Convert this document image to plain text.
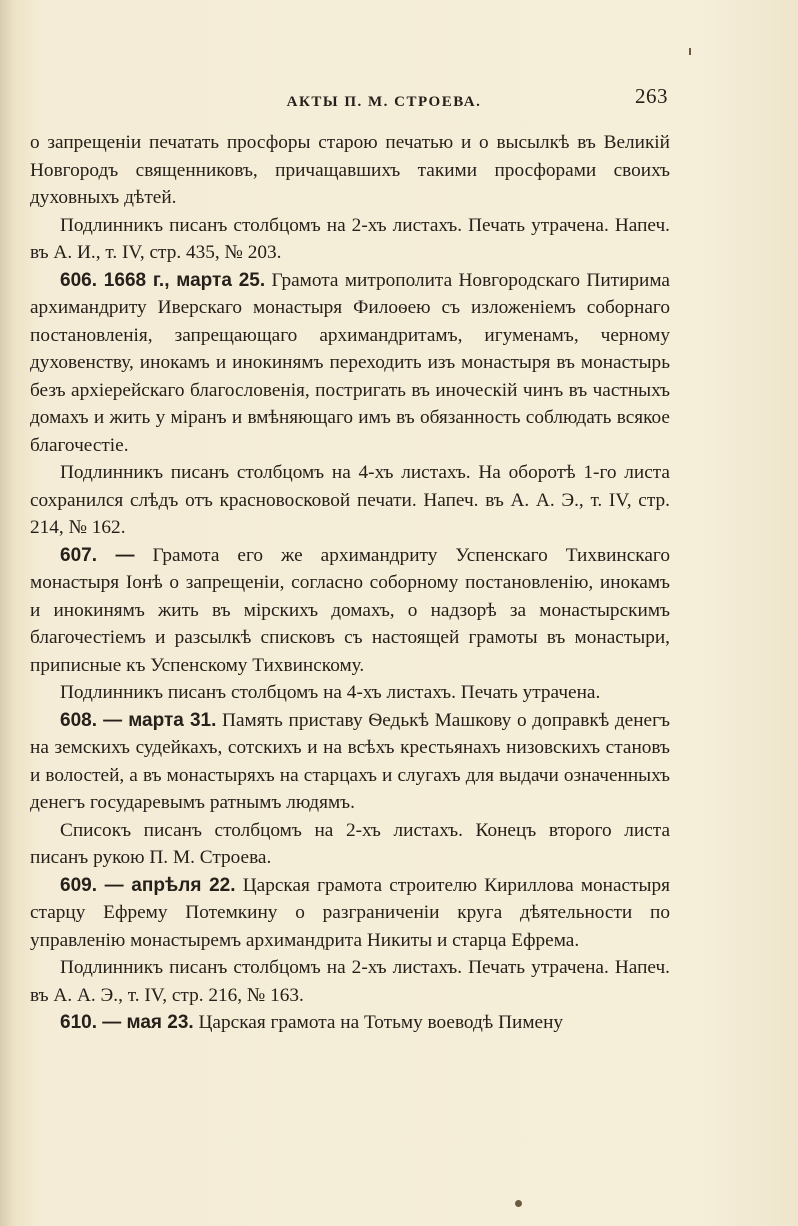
АКТЫ П. М. СТРОЕВА.	263

о запрещеніи печатать просфоры старою печатью и о высылкѣ въ Великій Новгородъ священниковъ, причащавшихъ такими просфорами своихъ духовныхъ дѣтей.

Подлинникъ писанъ столбцомъ на 2-хъ листахъ. Печать утрачена. Напеч. въ А. И., т. IV, стр. 435, № 203.

606. 1668 г., марта 25. Грамота митрополита Новгородскаго Питирима архимандриту Иверскаго монастыря Филоѳею съ изложеніемъ соборнаго постановленія, запрещающаго архимандритамъ, игуменамъ, черному духовенству, инокамъ и инокинямъ переходить изъ монастыря въ монастырь безъ архіерейскаго благословенія, постригать въ иноческій чинъ въ частныхъ домахъ и жить у міранъ и вмѣняющаго имъ въ обязанность соблюдать всякое благочестіе.

Подлинникъ писанъ столбцомъ на 4-хъ листахъ. На оборотѣ 1-го листа сохранился слѣдъ отъ красновосковой печати. Напеч. въ А. А. Э., т. IV, стр. 214, № 162.

607. — Грамота его же архимандриту Успенскаго Тихвинскаго монастыря Іонѣ о запрещеніи, согласно соборному постановленію, инокамъ и инокинямъ жить въ мірскихъ домахъ, о надзорѣ за монастырскимъ благочестіемъ и разсылкѣ списковъ съ настоящей грамоты въ монастыри, приписные къ Успенскому Тихвинскому.

Подлинникъ писанъ столбцомъ на 4-хъ листахъ. Печать утрачена.

608. — марта 31. Память приставу Ѳедькѣ Машкову о доправкѣ денегъ на земскихъ судейкахъ, сотскихъ и на всѣхъ крестьянахъ низовскихъ становъ и волостей, а въ монастыряхъ на старцахъ и слугахъ для выдачи означенныхъ денегъ государевымъ ратнымъ людямъ.

Списокъ писанъ столбцомъ на 2-хъ листахъ. Конецъ второго листа писанъ рукою П. М. Строева.

609. — апрѣля 22. Царская грамота строителю Кириллова монастыря старцу Ефрему Потемкину о разграниченіи круга дѣятельности по управленію монастыремъ архимандрита Никиты и старца Ефрема.

Подлинникъ писанъ столбцомъ на 2-хъ листахъ. Печать утрачена. Напеч. въ А. А. Э., т. IV, стр. 216, № 163.

610. — мая 23. Царская грамота на Тотьму воеводѣ Пимену
